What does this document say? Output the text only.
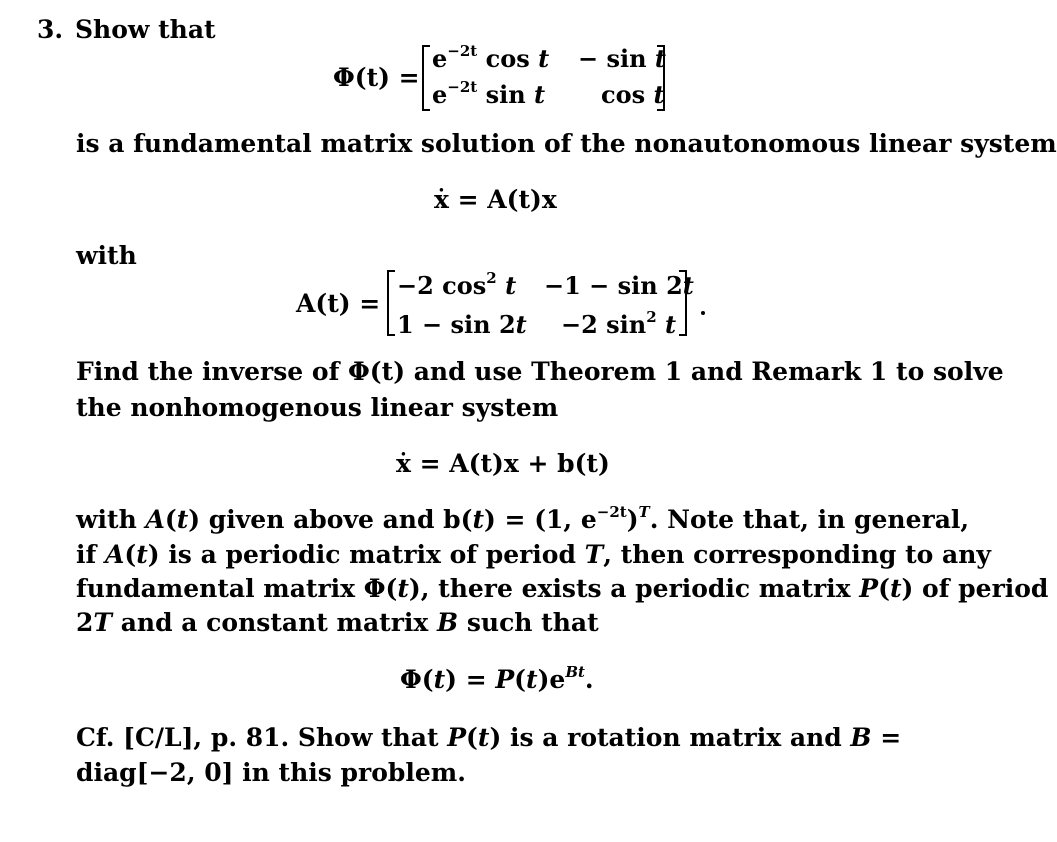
3. Show that
Φ(t) =
$e^{-2t}$ cos t − sin t
$e^{-2t}$ sin t cos t
is a fundamental matrix solution of the nonautonomous linear system
ẋ = A(t)x
with
A(t) =
−2 $\cos^2 t -1 - \sin 2t$
1 − sin 2t −2 $\sin^2 t$
Find the inverse of Φ(t) and use Theorem 1 and Remark 1 to solve
the nonhomogenous linear system
ẋ = A(t)x + b(t)
with A(t) given above and b(t) = (1, $e^{-2t})^T$. Note that, in general,
if A(t) is a periodic matrix of period T, then corresponding to any
fundamental matrix Φ(t), there exists a periodic matrix P(t) of period
2T and a constant matrix B such that
$\Phi(t) = P(t)e^{Bt}$.
Cf. [C/L], p. 81. Show that P(t) is a rotation matrix and B =
diag[−2, 0] in this problem.
